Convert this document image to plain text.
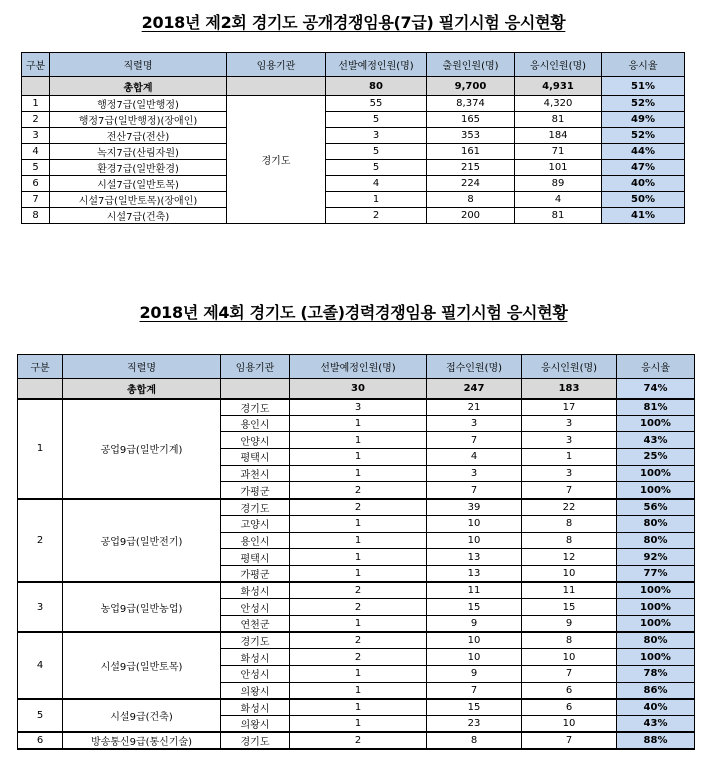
2018년 제2회 경기도 공개경쟁임용(7급) 필기시험 응시현황
구분	직렬명	임용기관	선발예정인원(명)	출원인원(명)	응시인원(명)	응시율
	총합계		80	9,700	4,931	51%
1	행정7급(일반행정)	경기도	55	8,374	4,320	52%
2	행정7급(일반행정)(장애인)		5	165	81	49%
3	전산7급(전산)		3	353	184	52%
4	녹지7급(산림자원)		5	161	71	44%
5	환경7급(일반환경)		5	215	101	47%
6	시설7급(일반토목)		4	224	89	40%
7	시설7급(일반토목)(장애인)		1	8	4	50%
8	시설7급(건축)		2	200	81	41%
2018년 제4회 경기도 (고졸)경력경쟁임용 필기시험 응시현황
구분	직렬명	임용기관	선발예정인원(명)	접수인원(명)	응시인원(명)	응시율
	총합계		30	247	183	74%
1	공업9급(일반기계)	경기도	3	21	17	81%
		용인시	1	3	3	100%
		안양시	1	7	3	43%
		평택시	1	4	1	25%
		과천시	1	3	3	100%
		가평군	2	7	7	100%
2	공업9급(일반전기)	경기도	2	39	22	56%
		고양시	1	10	8	80%
		용인시	1	10	8	80%
		평택시	1	13	12	92%
		가평군	1	13	10	77%
3	농업9급(일반농업)	화성시	2	11	11	100%
		안성시	2	15	15	100%
		연천군	1	9	9	100%
4	시설9급(일반토목)	경기도	2	10	8	80%
		화성시	2	10	10	100%
		안성시	1	9	7	78%
		의왕시	1	7	6	86%
5	시설9급(건축)	화성시	1	15	6	40%
		의왕시	1	23	10	43%
6	방송통신9급(통신기술)	경기도	2	8	7	88%
